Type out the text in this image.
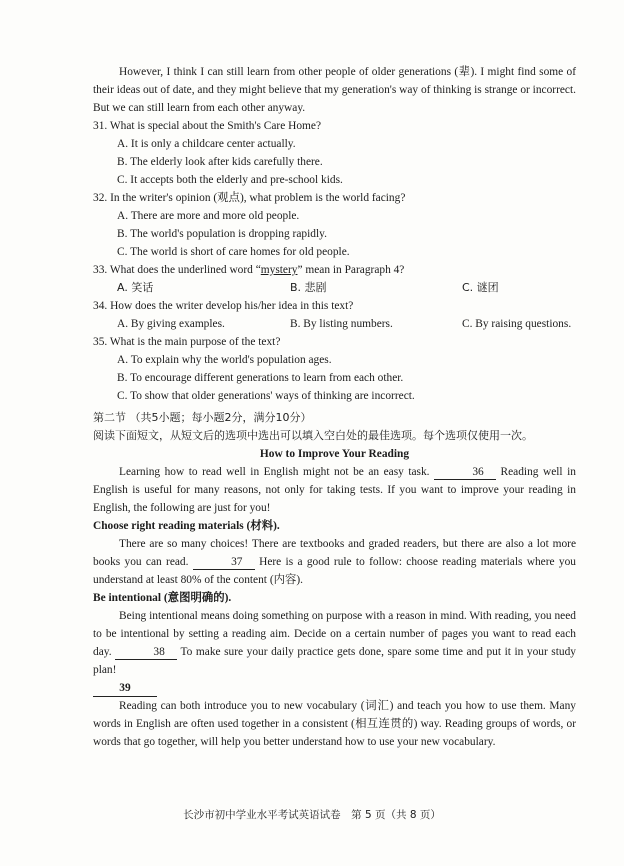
However, I think I can still learn from other people of older generations (辈). I might find some of their ideas out of date, and they might believe that my generation's way of thinking is strange or incorrect. But we can still learn from each other anyway.

31. What is special about the Smith's Care Home?

A. It is only a childcare center actually.

B. The elderly look after kids carefully there.

C. It accepts both the elderly and pre-school kids.

32. In the writer's opinion (观点), what problem is the world facing?

A. There are more and more old people.

B. The world's population is dropping rapidly.

C. The world is short of care homes for old people.

33. What does the underlined word “mystery” mean in Paragraph 4?

A. 笑话	B. 悲剧	C. 谜团

34. How does the writer develop his/her idea in this text?

A. By giving examples.	B. By listing numbers.	C. By raising questions.

35. What is the main purpose of the text?

A. To explain why the world's population ages.

B. To encourage different generations to learn from each other.

C. To show that older generations' ways of thinking are incorrect.

第二节 （共5小题；每小题2分，满分10分）

阅读下面短文，从短文后的选项中选出可以填入空白处的最佳选项。每个选项仅使用一次。

How to Improve Your Reading

Learning how to read well in English might not be an easy task.	36 Reading well in English is useful for many reasons, not only for taking tests. If you want to improve your reading in English, the following are just for you!

Choose right reading materials (材料).

There are so many choices! There are textbooks and graded readers, but there are also a lot more books you can read.	37 Here is a good rule to follow: choose reading materials where you understand at least 80% of the content (内容).

Be intentional (意图明确的).

Being intentional means doing something on purpose with a reason in mind. With reading, you need to be intentional by setting a reading aim. Decide on a certain number of pages you want to read each day.	38 To make sure your daily practice gets done, spare some time and put it in your study plan!

39

Reading can both introduce you to new vocabulary (词汇) and teach you how to use them. Many words in English are often used together in a consistent (相互连贯的) way. Reading groups of words, or words that go together, will help you better understand how to use your new vocabulary.

长沙市初中学业水平考试英语试卷　第 5 页（共 8 页）
